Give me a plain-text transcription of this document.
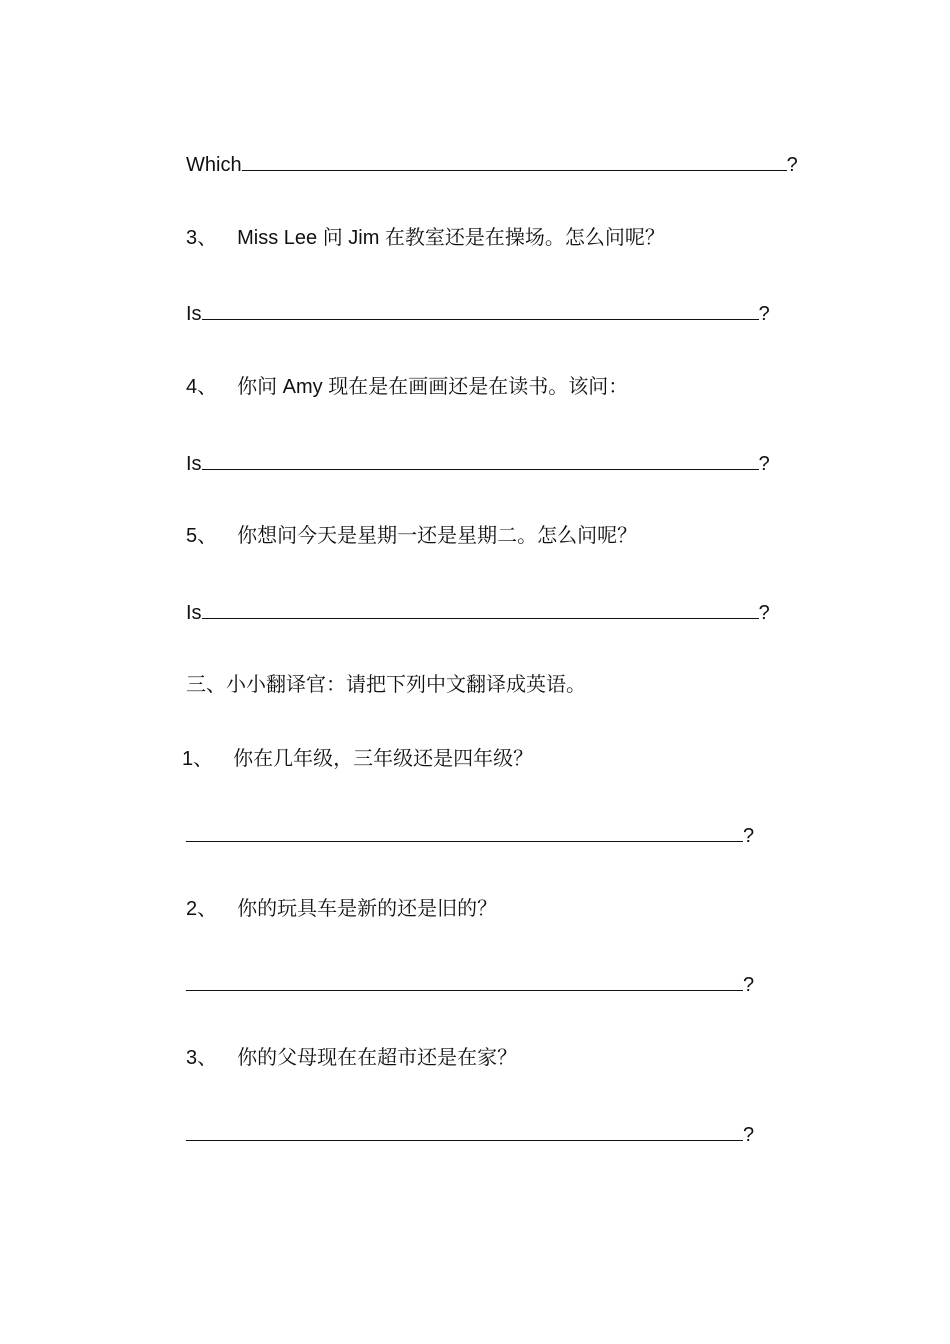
Which	?
3、 Miss Lee 问 Jim 在教室还是在操场。怎么问呢？
Is	?
4、 你问 Amy 现在是在画画还是在读书。该问：
Is	?
5、 你想问今天是星期一还是星期二。怎么问呢？
Is	?
三、小小翻译官：请把下列中文翻译成英语。
1、 你在几年级，三年级还是四年级？
?
2、 你的玩具车是新的还是旧的？
?
3、 你的父母现在在超市还是在家？
?
